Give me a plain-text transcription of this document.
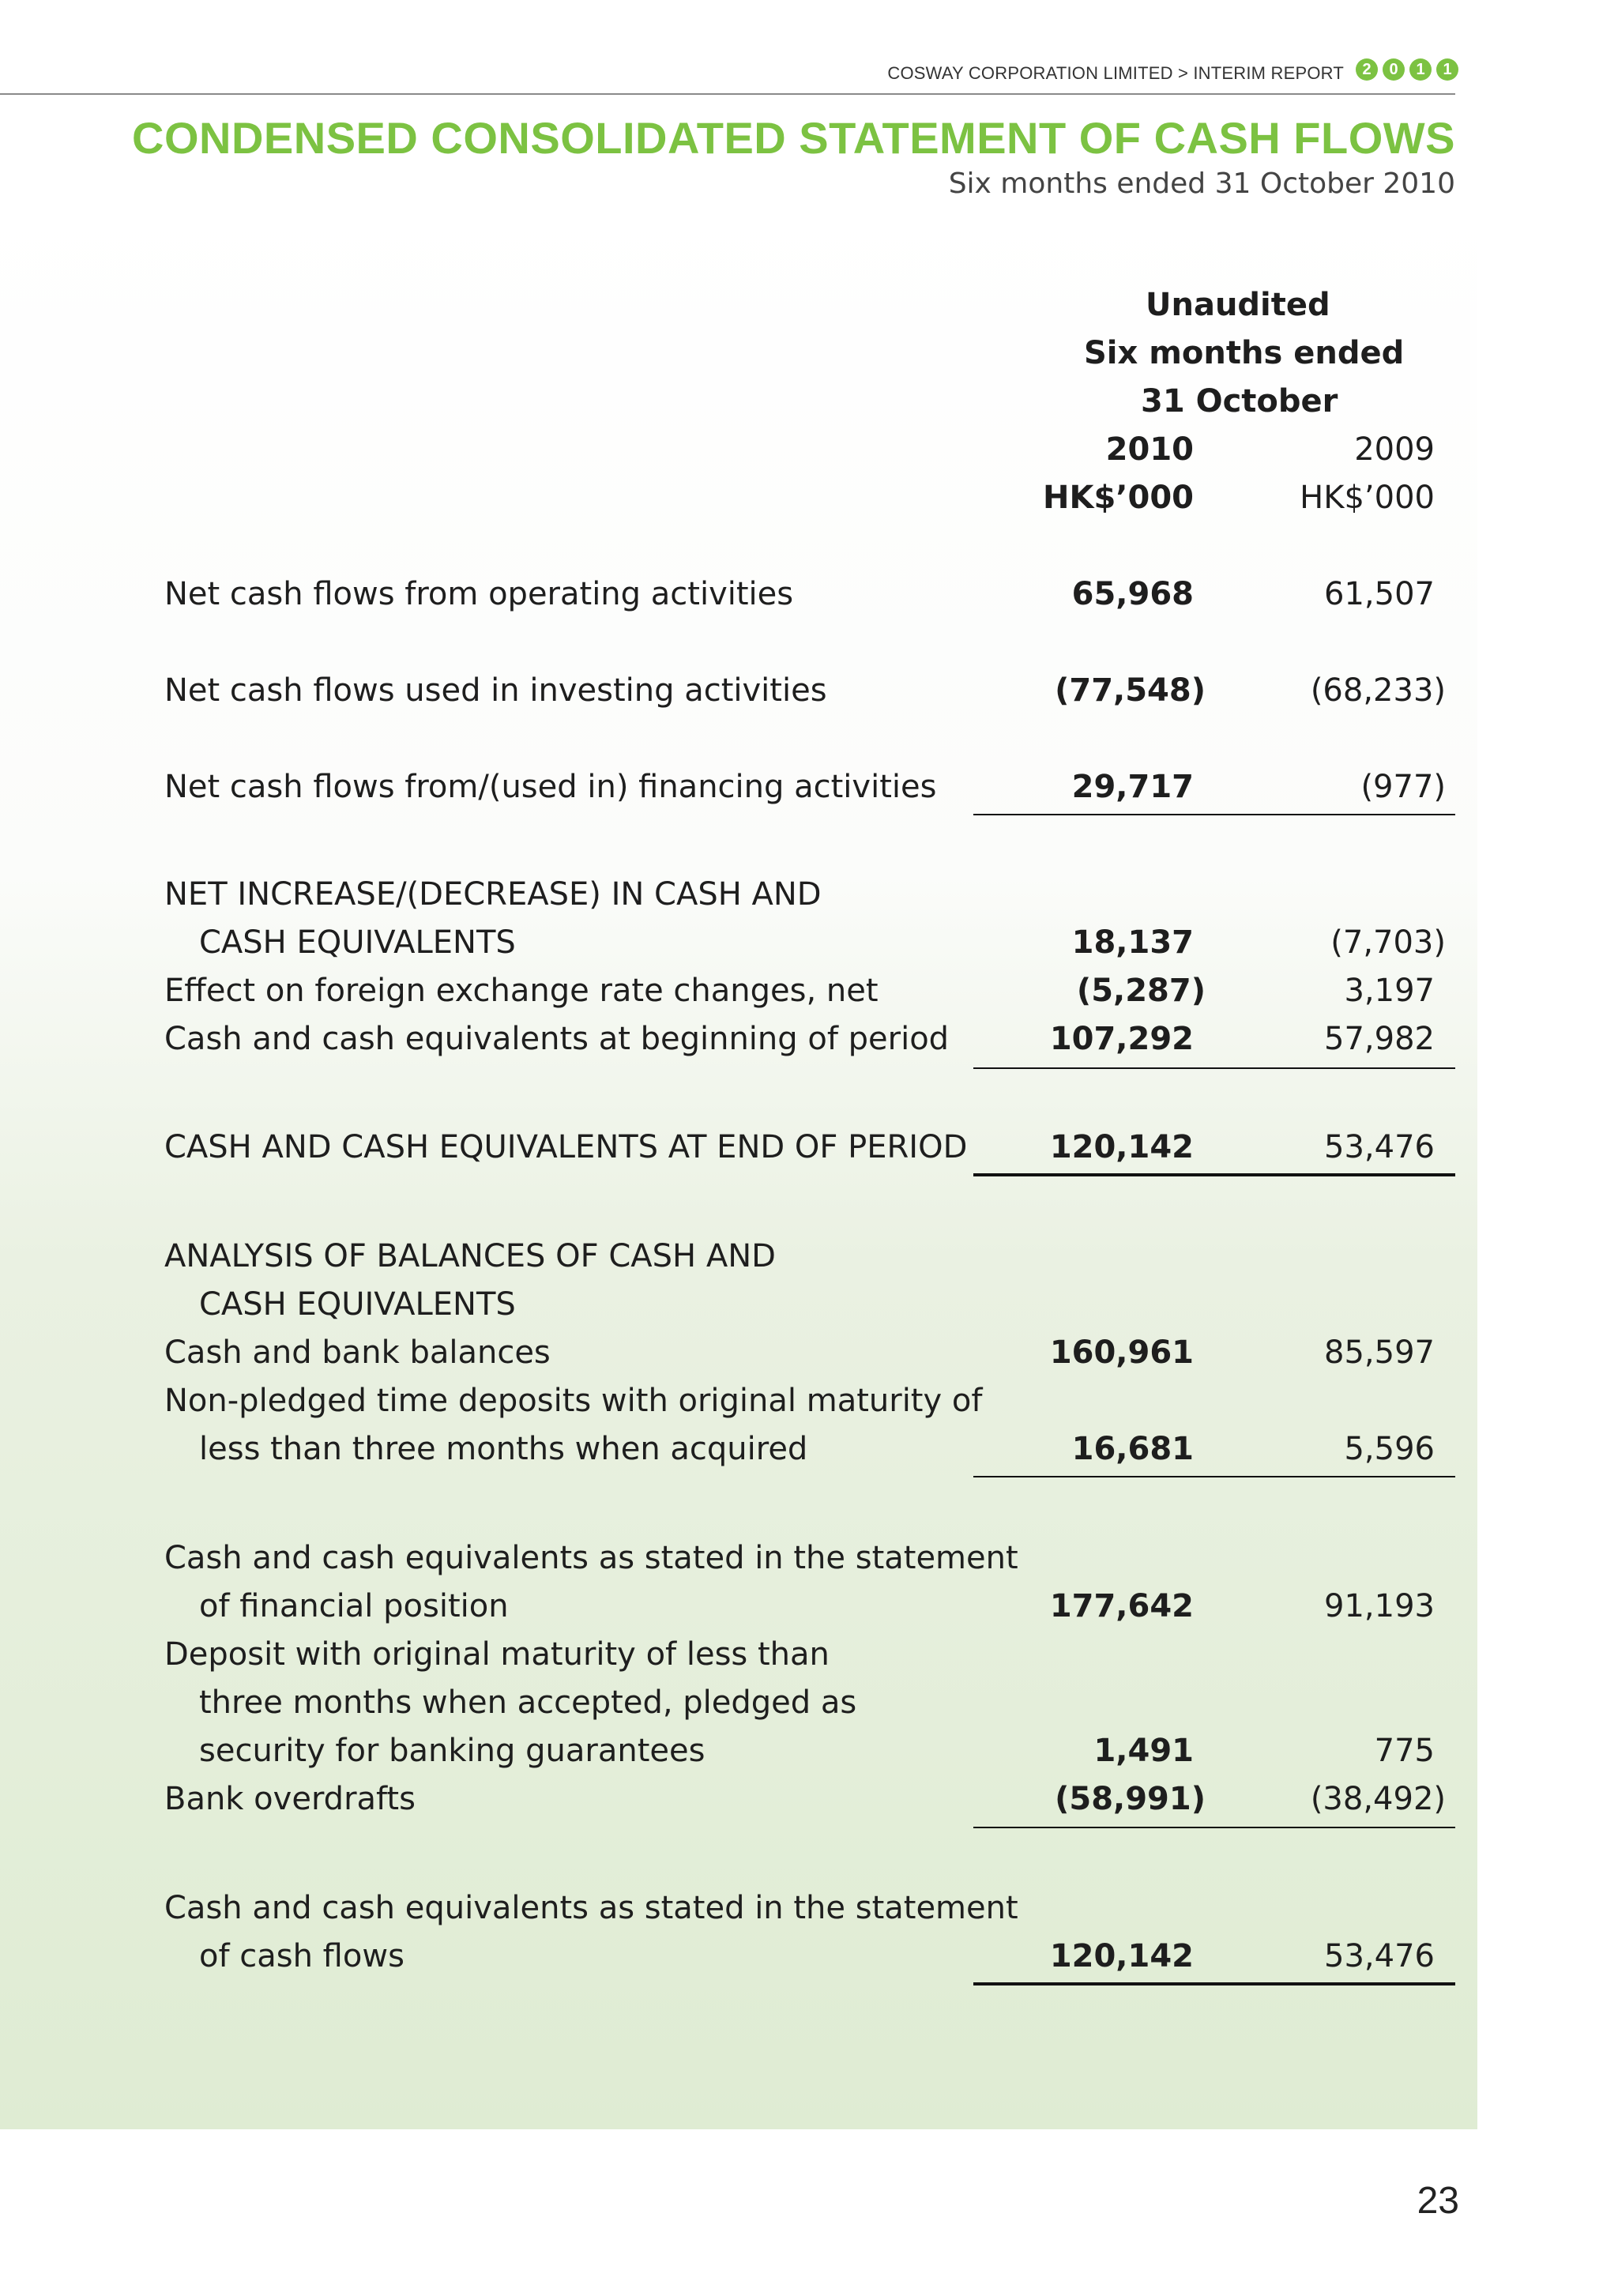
COSWAY CORPORATION LIMITED > INTERIM REPORT	2	0	1	1
CONDENSED CONSOLIDATED STATEMENT OF CASH FLOWS
Six months ended 31 October 2010
Unaudited
Six months ended
31 October
2010	2009
HK$’000	HK$’000
Net cash flows from operating activities	65,968	61,507
Net cash flows used in investing activities	(77,548)	(68,233)
Net cash flows from/(used in) financing activities	29,717	(977)
NET INCREASE/(DECREASE) IN CASH AND
CASH EQUIVALENTS	18,137	(7,703)
Effect on foreign exchange rate changes, net	(5,287)	3,197
Cash and cash equivalents at beginning of period	107,292	57,982
CASH AND CASH EQUIVALENTS AT END OF PERIOD	120,142	53,476
ANALYSIS OF BALANCES OF CASH AND
CASH EQUIVALENTS
Cash and bank balances	160,961	85,597
Non-pledged time deposits with original maturity of
less than three months when acquired	16,681	5,596
Cash and cash equivalents as stated in the statement
of financial position	177,642	91,193
Deposit with original maturity of less than
three months when accepted, pledged as
security for banking guarantees	1,491	775
Bank overdrafts	(58,991)	(38,492)
Cash and cash equivalents as stated in the statement
of cash flows	120,142	53,476
23
